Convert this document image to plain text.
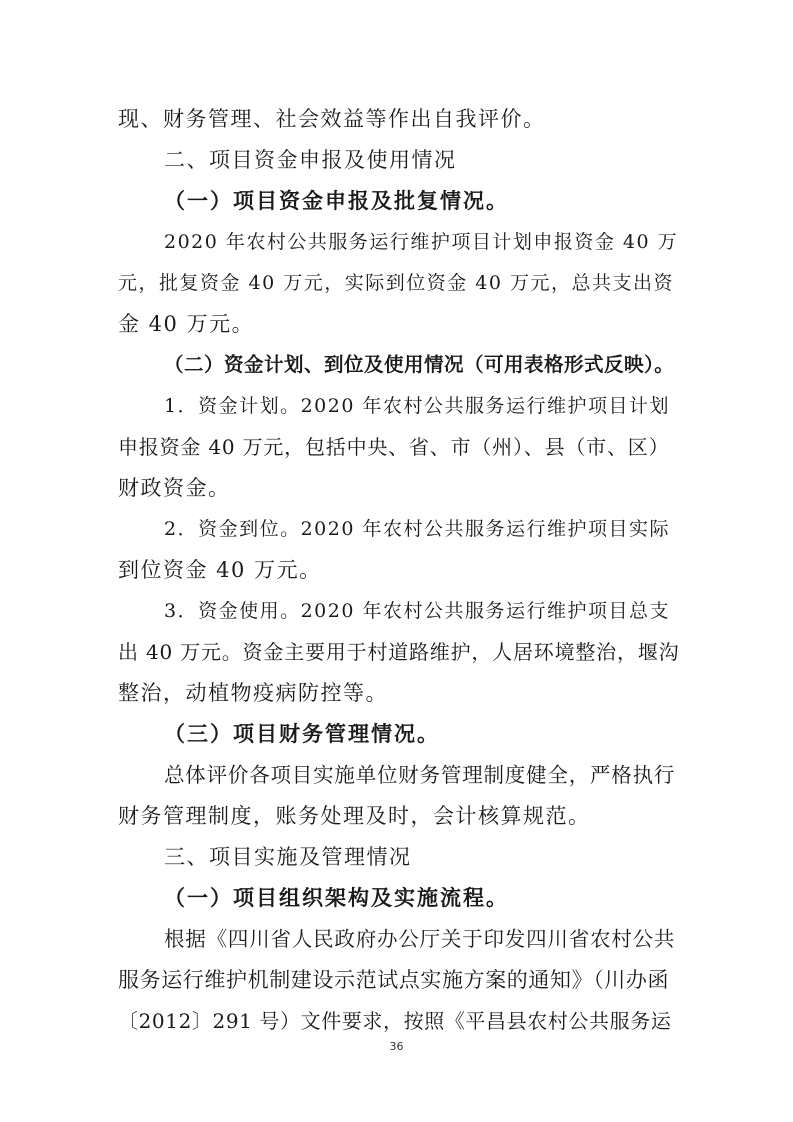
现、财务管理、社会效益等作出自我评价。
二、项目资金申报及使用情况
（一）项目资金申报及批复情况。
2020 年农村公共服务运行维护项目计划申报资金 40 万
元，批复资金 40 万元，实际到位资金 40 万元，总共支出资
金 40 万元。
（二）资金计划、到位及使用情况（可用表格形式反映）。
1．资金计划。2020 年农村公共服务运行维护项目计划
申报资金 40 万元，包括中央、省、市（州）、县（市、区）
财政资金。
2．资金到位。2020 年农村公共服务运行维护项目实际
到位资金 40 万元。
3．资金使用。2020 年农村公共服务运行维护项目总支
出 40 万元。资金主要用于村道路维护，人居环境整治，堰沟
整治，动植物疫病防控等。
（三）项目财务管理情况。
总体评价各项目实施单位财务管理制度健全，严格执行
财务管理制度，账务处理及时，会计核算规范。
三、项目实施及管理情况
（一）项目组织架构及实施流程。
根据《四川省人民政府办公厅关于印发四川省农村公共
服务运行维护机制建设示范试点实施方案的通知》（川办函
〔2012〕291 号）文件要求，按照《平昌县农村公共服务运
36
